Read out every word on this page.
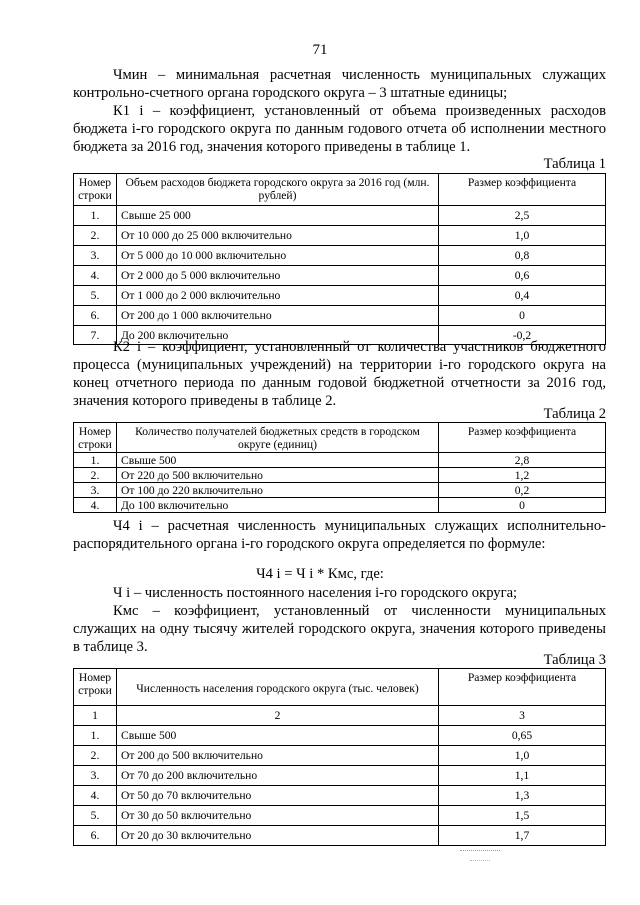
71

Чмин – минимальная расчетная численность муниципальных служащих контрольно-счетного органа городского округа – 3 штатные единицы;

К1 i – коэффициент, установленный от объема произведенных расходов бюджета i-го городского округа по данным годового отчета об исполнении местного бюджета за 2016 год, значения которого приведены в таблице 1.

Таблица 1
Номер строки	Объем расходов бюджета городского округа за 2016 год (млн. рублей)	Размер коэффициента
1.	Свыше 25 000	2,5
2.	От 10 000 до 25 000 включительно	1,0
3.	От 5 000 до 10 000 включительно	0,8
4.	От 2 000 до 5 000 включительно	0,6
5.	От 1 000 до 2 000 включительно	0,4
6.	От 200 до 1 000 включительно	0
7.	До 200 включительно	-0,2

К2 i – коэффициент, установленный от количества участников бюджетного процесса (муниципальных учреждений) на территории i-го городского округа на конец отчетного периода по данным годовой бюджетной отчетности за 2016 год, значения которого приведены в таблице 2.

Таблица 2
Номер строки	Количество получателей бюджетных средств в городском округе (единиц)	Размер коэффициента
1.	Свыше 500	2,8
2.	От 220 до 500 включительно	1,2
3.	От 100 до 220 включительно	0,2
4.	До 100 включительно	0

Ч4 i – расчетная численность муниципальных служащих исполнительно-распорядительного органа i-го городского округа определяется по формуле:

Ч4 i = Ч i * Кмс, где:

Ч i – численность постоянного населения i-го городского округа;

Кмс – коэффициент, установленный от численности муниципальных служащих на одну тысячу жителей городского округа, значения которого приведены в таблице 3.

Таблица 3
Номер строки	Численность населения городского округа (тыс. человек)	Размер коэффициента
1	2	3
1.	Свыше 500	0,65
2.	От 200 до 500 включительно	1,0
3.	От 70 до 200 включительно	1,1
4.	От 50 до 70 включительно	1,3
5.	От 30 до 50 включительно	1,5
6.	От 20 до 30 включительно	1,7
